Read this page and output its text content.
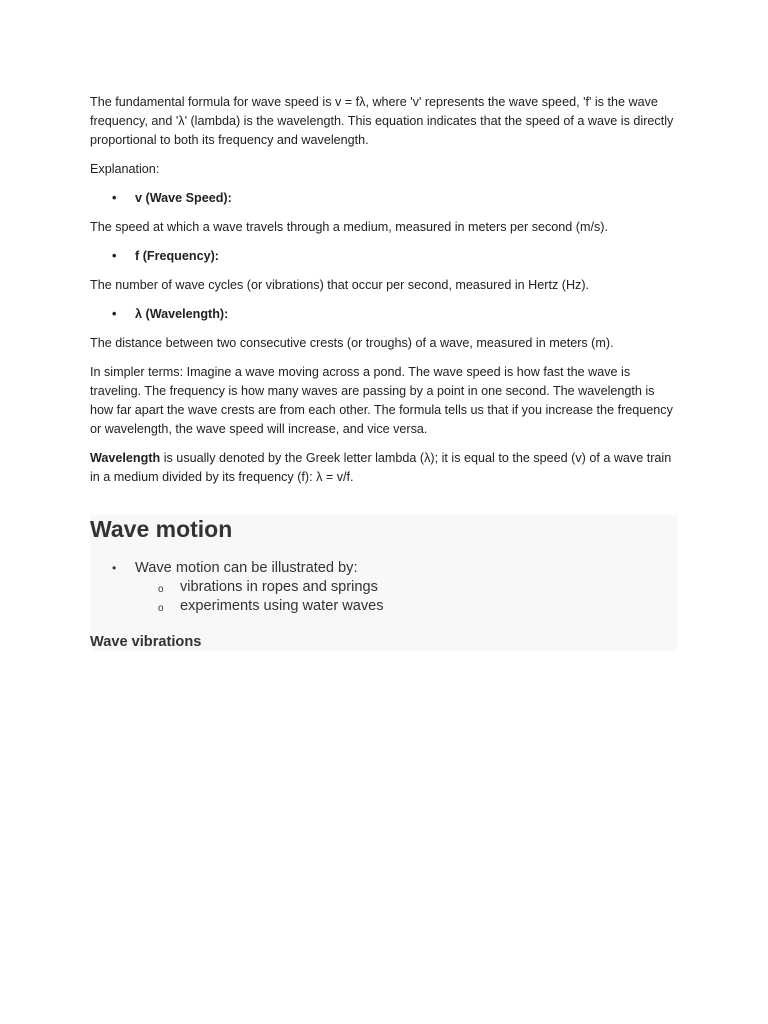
The fundamental formula for wave speed is v = fλ, where 'v' represents the wave speed, 'f' is the wave frequency, and 'λ' (lambda) is the wavelength. This equation indicates that the speed of a wave is directly proportional to both its frequency and wavelength.

Explanation:

• v (Wave Speed):

The speed at which a wave travels through a medium, measured in meters per second (m/s).

• f (Frequency):

The number of wave cycles (or vibrations) that occur per second, measured in Hertz (Hz).

• λ (Wavelength):

The distance between two consecutive crests (or troughs) of a wave, measured in meters (m).

In simpler terms: Imagine a wave moving across a pond. The wave speed is how fast the wave is traveling. The frequency is how many waves are passing by a point in one second. The wavelength is how far apart the wave crests are from each other. The formula tells us that if you increase the frequency or wavelength, the wave speed will increase, and vice versa.

Wavelength is usually denoted by the Greek letter lambda (λ); it is equal to the speed (v) of a wave train in a medium divided by its frequency (f): λ = v/f.

Wave motion
• Wave motion can be illustrated by:
o vibrations in ropes and springs
o experiments using water waves
Wave vibrations
